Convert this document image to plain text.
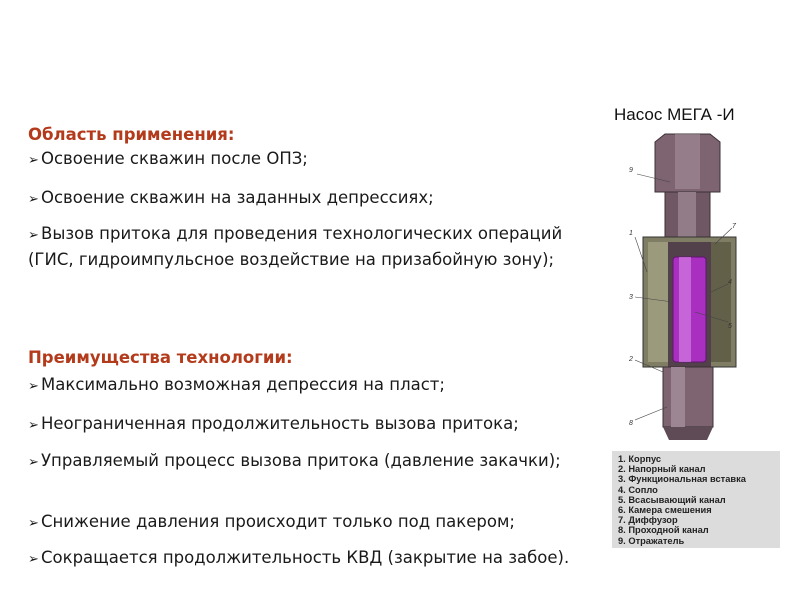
Область применения:
➢ Освоение скважин после ОПЗ;
➢ Освоение скважин на заданных депрессиях;
➢ Вызов притока для проведения технологических операций (ГИС, гидроимпульсное воздействие на призабойную зону);
Преимущества технологии:
➢ Максимально возможная депрессия на пласт;
➢ Неограниченная продолжительность вызова притока;
➢ Управляемый процесс вызова притока (давление закачки);
➢ Снижение давления происходит только под пакером;
➢ Сокращается продолжительность КВД (закрытие на забое).
Насос МЕГА -И
9
1
3
2
8
7
4
5
1. Корпус
2. Напорный канал
3. Функциональная вставка
4. Сопло
5. Всасывающий канал
6. Камера смешения
7. Диффузор
8. Проходной канал
9. Отражатель
